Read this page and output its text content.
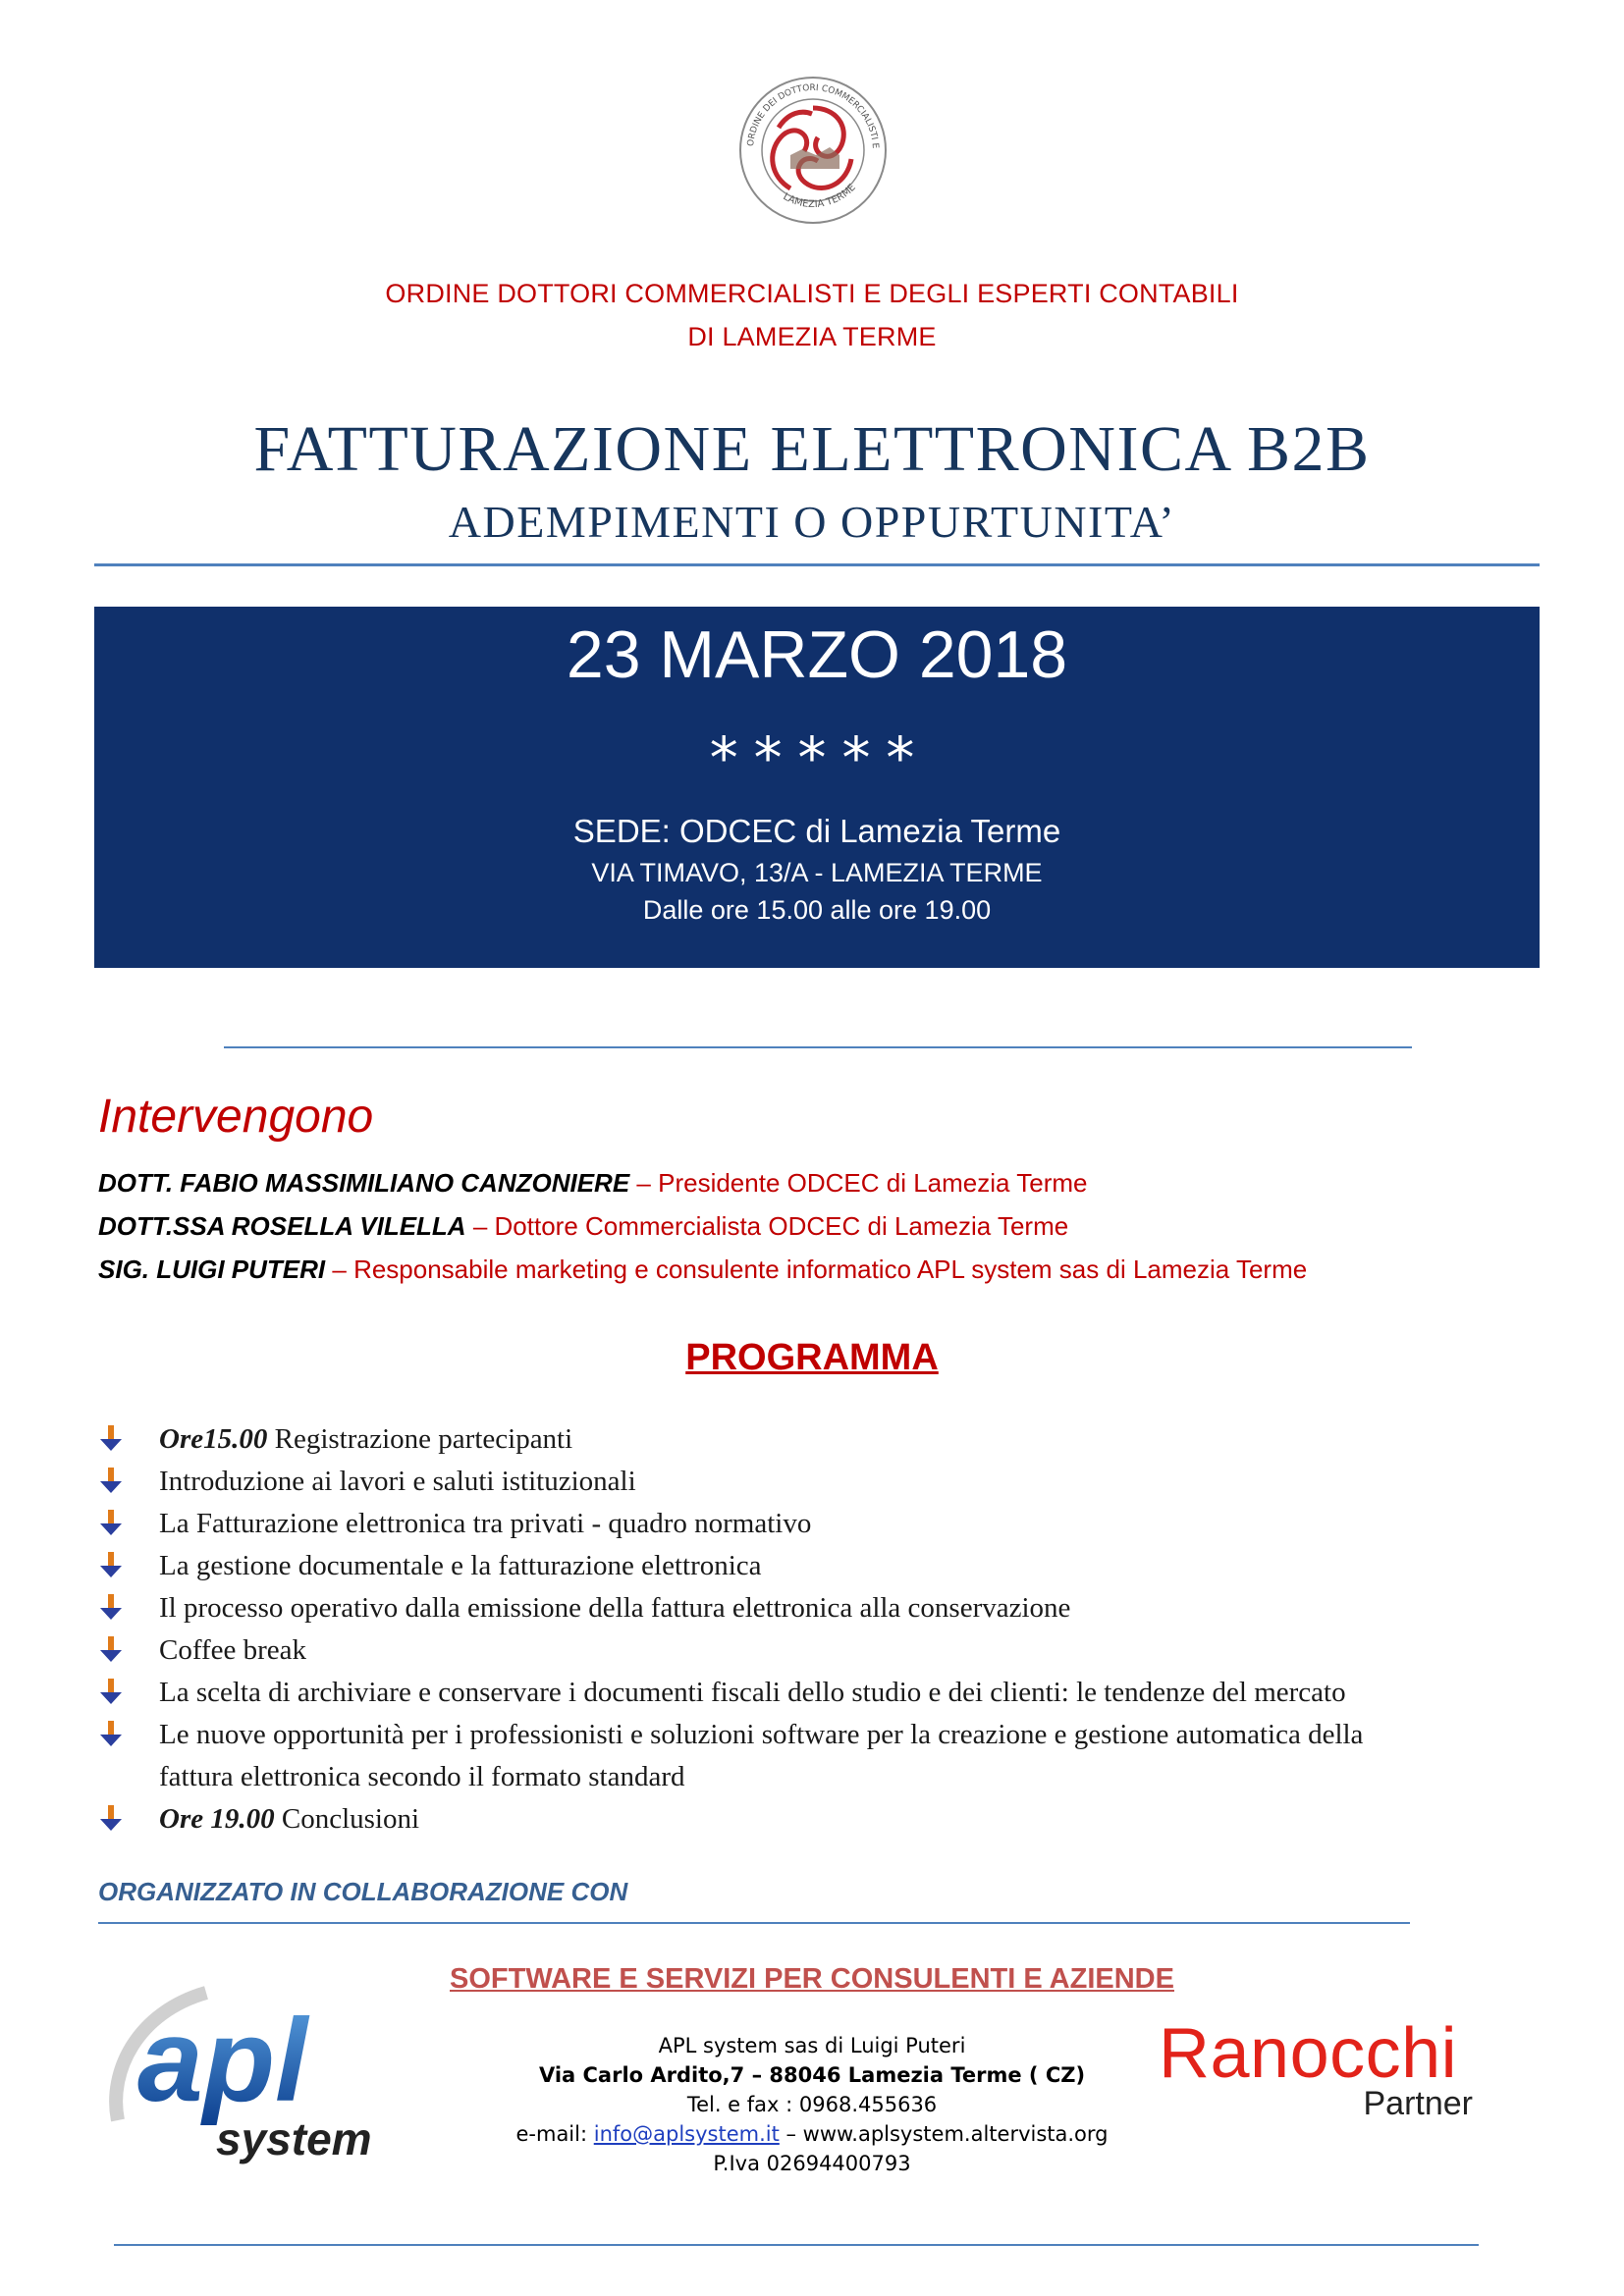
ORDINE DEI DOTTORI COMMERCIALISTI E
LAMEZIA TERME
ORDINE DOTTORI COMMERCIALISTI E DEGLI ESPERTI CONTABILI
DI LAMEZIA TERME
FATTURAZIONE ELETTRONICA B2B
ADEMPIMENTI O OPPURTUNITA’
23 MARZO 2018
*****
SEDE: ODCEC di Lamezia Terme
VIA TIMAVO, 13/A - LAMEZIA TERME
Dalle ore 15.00 alle ore 19.00
Intervengono
DOTT. FABIO MASSIMILIANO CANZONIERE – Presidente ODCEC di Lamezia Terme
DOTT.SSA ROSELLA VILELLA – Dottore Commercialista ODCEC di Lamezia Terme
SIG. LUIGI PUTERI – Responsabile marketing e consulente informatico APL system sas di Lamezia Terme
PROGRAMMA
Ore15.00 Registrazione partecipanti
Introduzione ai lavori e saluti istituzionali
La Fatturazione elettronica tra privati - quadro normativo
La gestione documentale e la fatturazione elettronica
Il processo operativo dalla emissione della fattura elettronica alla conservazione
Coffee break
La scelta di archiviare e conservare i documenti fiscali dello studio e dei clienti: le tendenze del mercato
Le nuove opportunità per i professionisti e soluzioni software per la creazione e gestione automatica della
fattura elettronica secondo il formato standard
Ore 19.00 Conclusioni
ORGANIZZATO IN COLLABORAZIONE CON
SOFTWARE E SERVIZI PER CONSULENTI E AZIENDE
apl
system
APL system sas di Luigi Puteri
Via Carlo Ardito,7 – 88046 Lamezia Terme ( CZ)
Tel. e fax : 0968.455636
e-mail: info@aplsystem.it – www.aplsystem.altervista.org
P.Iva 02694400793
Ranocchi
Partner
